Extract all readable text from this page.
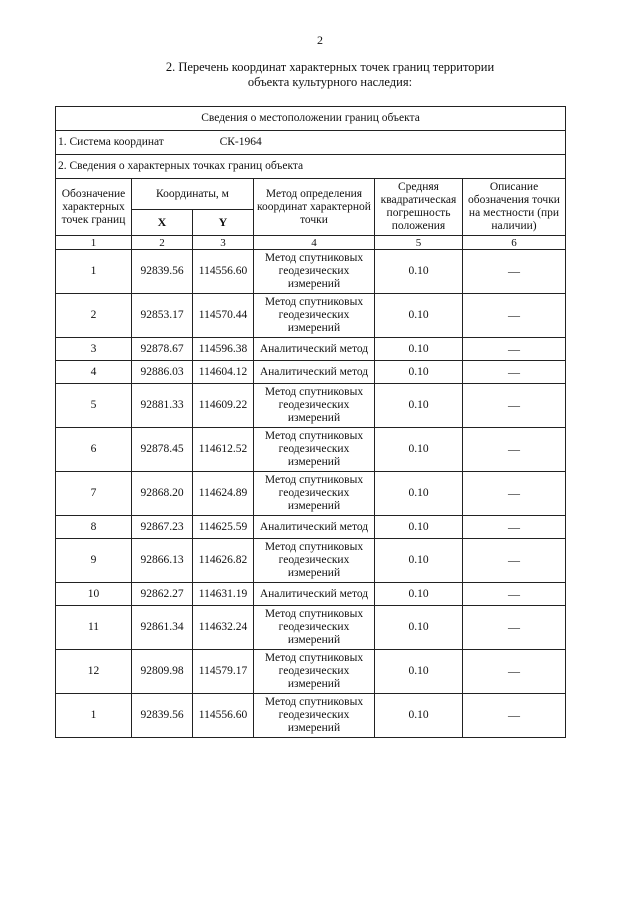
2
2. Перечень координат характерных точек границ территории
объекта культурного наследия:
Сведения о местоположении границ объекта					
1. Система координат СК-1964					
2. Сведения о характерных точках границ объекта					
Обозначение характерных точек границ	Координаты, м		Метод определения координат характерной точки	Средняя квадратическая погрешность положения	Описание обозначения точки на местности (при наличии)
	X	Y			
1	2	3	4	5	6
1	92839.56	114556.60	Метод спутниковых геодезических измерений	0.10	—
2	92853.17	114570.44	Метод спутниковых геодезических измерений	0.10	—
3	92878.67	114596.38	Аналитический метод	0.10	—
4	92886.03	114604.12	Аналитический метод	0.10	—
5	92881.33	114609.22	Метод спутниковых геодезических измерений	0.10	—
6	92878.45	114612.52	Метод спутниковых геодезических измерений	0.10	—
7	92868.20	114624.89	Метод спутниковых геодезических измерений	0.10	—
8	92867.23	114625.59	Аналитический метод	0.10	—
9	92866.13	114626.82	Метод спутниковых геодезических измерений	0.10	—
10	92862.27	114631.19	Аналитический метод	0.10	—
11	92861.34	114632.24	Метод спутниковых геодезических измерений	0.10	—
12	92809.98	114579.17	Метод спутниковых геодезических измерений	0.10	—
1	92839.56	114556.60	Метод спутниковых геодезических измерений	0.10	—
